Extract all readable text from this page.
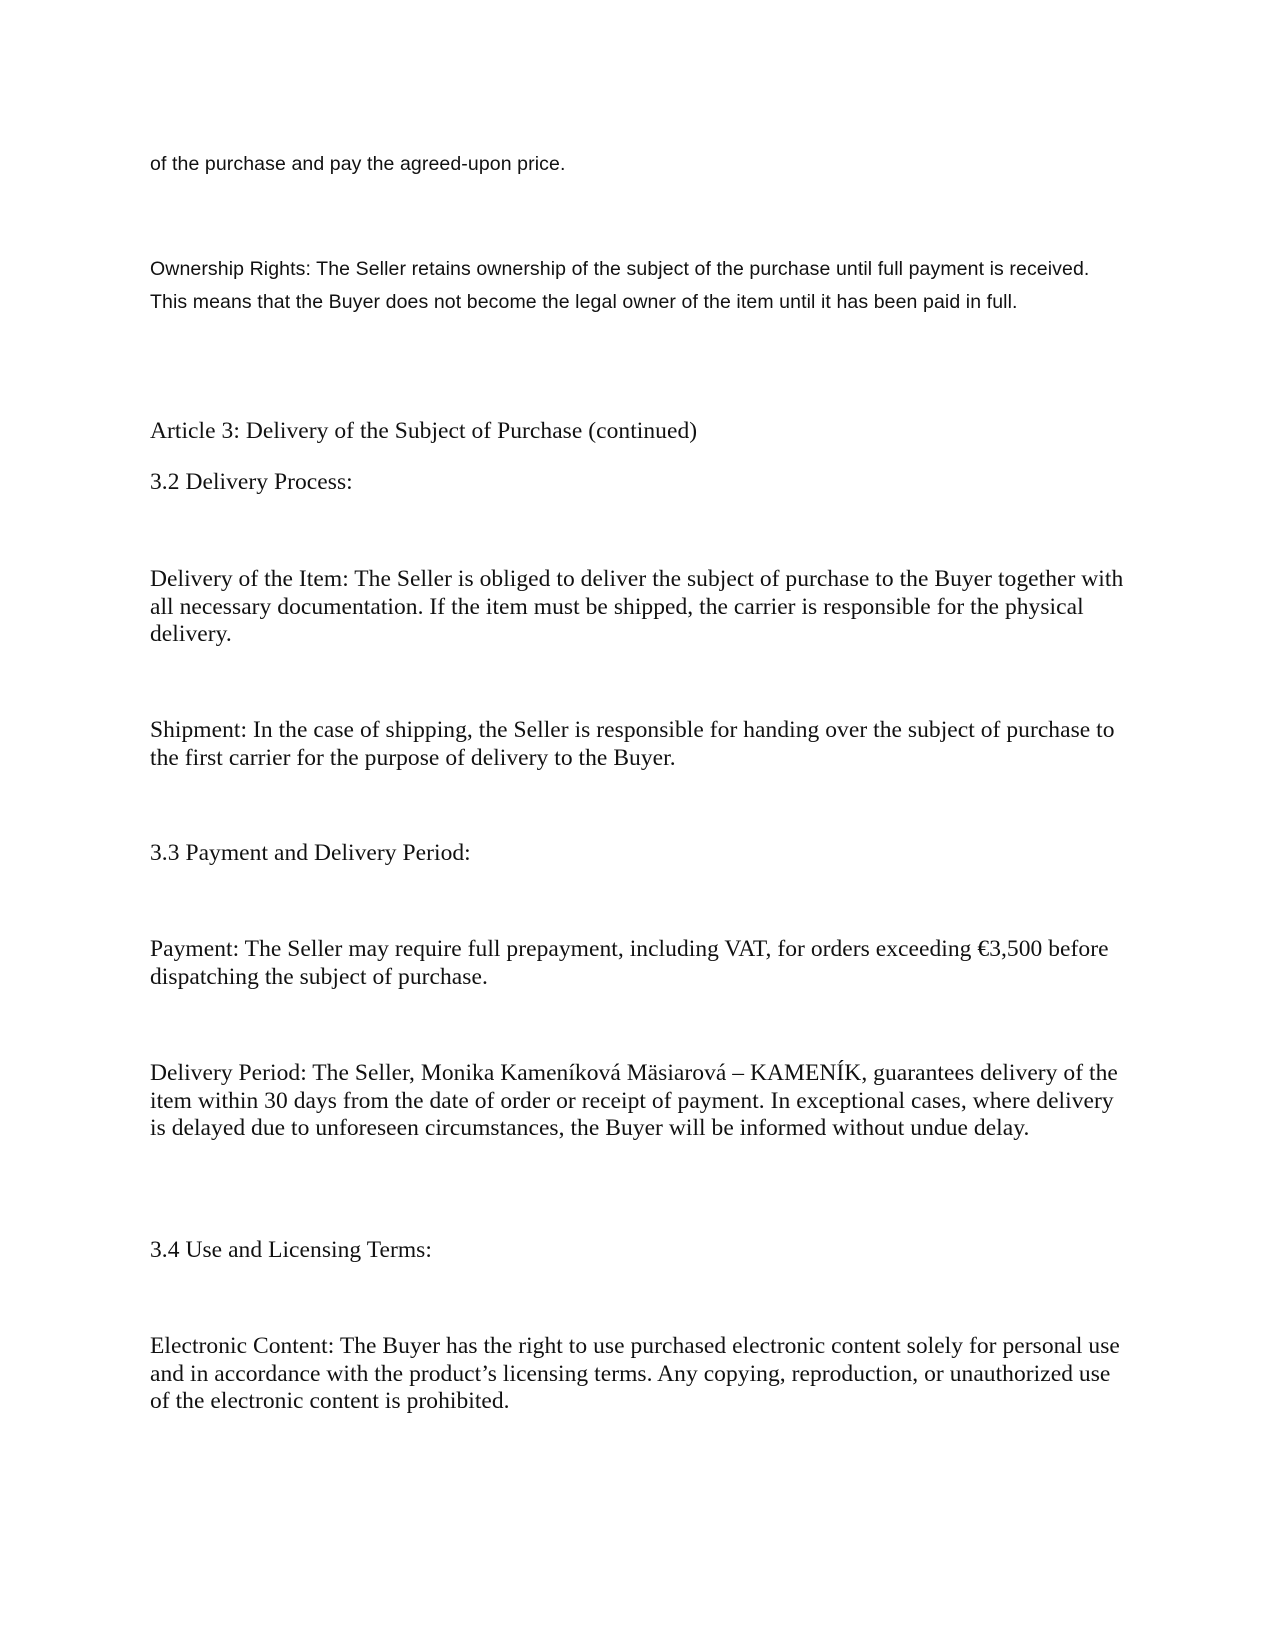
of the purchase and pay the agreed-upon price.

Ownership Rights: The Seller retains ownership of the subject of the purchase until full payment is received. This means that the Buyer does not become the legal owner of the item until it has been paid in full.

Article 3: Delivery of the Subject of Purchase (continued)

3.2 Delivery Process:

Delivery of the Item: The Seller is obliged to deliver the subject of purchase to the Buyer together with all necessary documentation. If the item must be shipped, the carrier is responsible for the physical delivery.

Shipment: In the case of shipping, the Seller is responsible for handing over the subject of purchase to the first carrier for the purpose of delivery to the Buyer.

3.3 Payment and Delivery Period:

Payment: The Seller may require full prepayment, including VAT, for orders exceeding €3,500 before dispatching the subject of purchase.

Delivery Period: The Seller, Monika Kameníková Mäsiarová – KAMENÍK, guarantees delivery of the item within 30 days from the date of order or receipt of payment. In exceptional cases, where delivery is delayed due to unforeseen circumstances, the Buyer will be informed without undue delay.

3.4 Use and Licensing Terms:

Electronic Content: The Buyer has the right to use purchased electronic content solely for personal use and in accordance with the product’s licensing terms. Any copying, reproduction, or unauthorized use of the electronic content is prohibited.
